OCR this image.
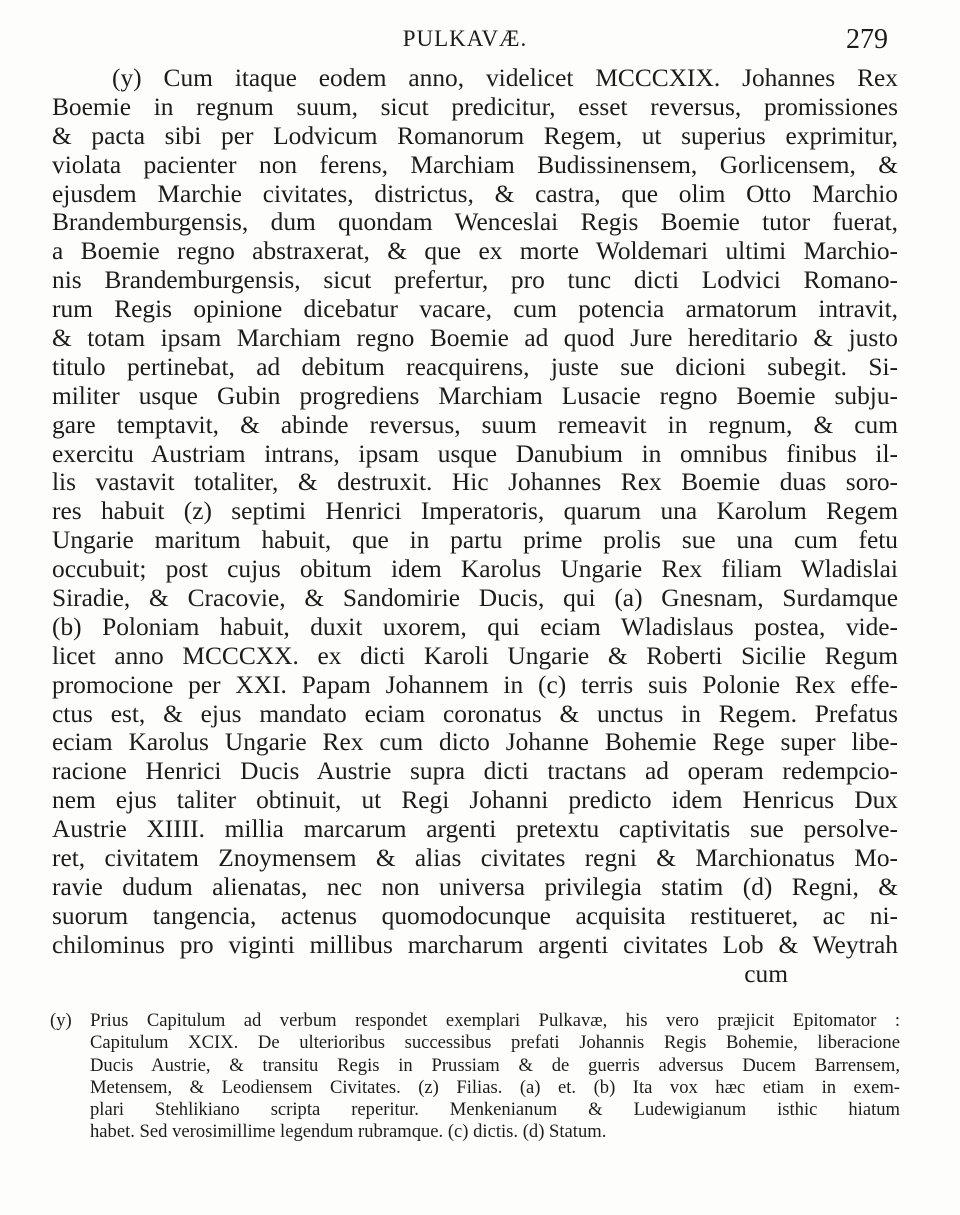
PULKAVÆ.	279
(y) Cum itaque eodem anno, videlicet MCCCXIX. Johannes Rex
Boemie in regnum suum, sicut predicitur, esset reversus, promissiones
& pacta sibi per Lodvicum Romanorum Regem, ut superius exprimitur,
violata pacienter non ferens, Marchiam Budissinensem, Gorlicensem, &
ejusdem Marchie civitates, districtus, & castra, que olim Otto Marchio
Brandemburgensis, dum quondam Wenceslai Regis Boemie tutor fuerat,
a Boemie regno abstraxerat, & que ex morte Woldemari ultimi Marchio-
nis Brandemburgensis, sicut prefertur, pro tunc dicti Lodvici Romano-
rum Regis opinione dicebatur vacare, cum potencia armatorum intravit,
& totam ipsam Marchiam regno Boemie ad quod Jure hereditario & justo
titulo pertinebat, ad debitum reacquirens, juste sue dicioni subegit. Si-
militer usque Gubin progrediens Marchiam Lusacie regno Boemie subju-
gare temptavit, & abinde reversus, suum remeavit in regnum, & cum
exercitu Austriam intrans, ipsam usque Danubium in omnibus finibus il-
lis vastavit totaliter, & destruxit. Hic Johannes Rex Boemie duas soro-
res habuit (z) septimi Henrici Imperatoris, quarum una Karolum Regem
Ungarie maritum habuit, que in partu prime prolis sue una cum fetu
occubuit; post cujus obitum idem Karolus Ungarie Rex filiam Wladislai
Siradie, & Cracovie, & Sandomirie Ducis, qui (a) Gnesnam, Surdamque
(b) Poloniam habuit, duxit uxorem, qui eciam Wladislaus postea, vide-
licet anno MCCCXX. ex dicti Karoli Ungarie & Roberti Sicilie Regum
promocione per XXI. Papam Johannem in (c) terris suis Polonie Rex effe-
ctus est, & ejus mandato eciam coronatus & unctus in Regem. Prefatus
eciam Karolus Ungarie Rex cum dicto Johanne Bohemie Rege super libe-
racione Henrici Ducis Austrie supra dicti tractans ad operam redempcio-
nem ejus taliter obtinuit, ut Regi Johanni predicto idem Henricus Dux
Austrie XIIII. millia marcarum argenti pretextu captivitatis sue persolve-
ret, civitatem Znoymensem & alias civitates regni & Marchionatus Mo-
ravie dudum alienatas, nec non universa privilegia statim (d) Regni, &
suorum tangencia, actenus quomodocunque acquisita restitueret, ac ni-
chilominus pro viginti millibus marcharum argenti civitates Lob & Weytrah
cum
(y) Prius Capitulum ad verbum respondet exemplari Pulkavæ, his vero præjicit Epitomator :
Capitulum XCIX. De ulterioribus successibus prefati Johannis Regis Bohemie, liberacione
Ducis Austrie, & transitu Regis in Prussiam & de guerris adversus Ducem Barrensem,
Metensem, & Leodiensem Civitates. (z) Filias. (a) et. (b) Ita vox hæc etiam in exem-
plari Stehlikiano scripta reperitur. Menkenianum & Ludewigianum isthic hiatum
habet. Sed verosimillime legendum rubramque. (c) dictis. (d) Statum.
